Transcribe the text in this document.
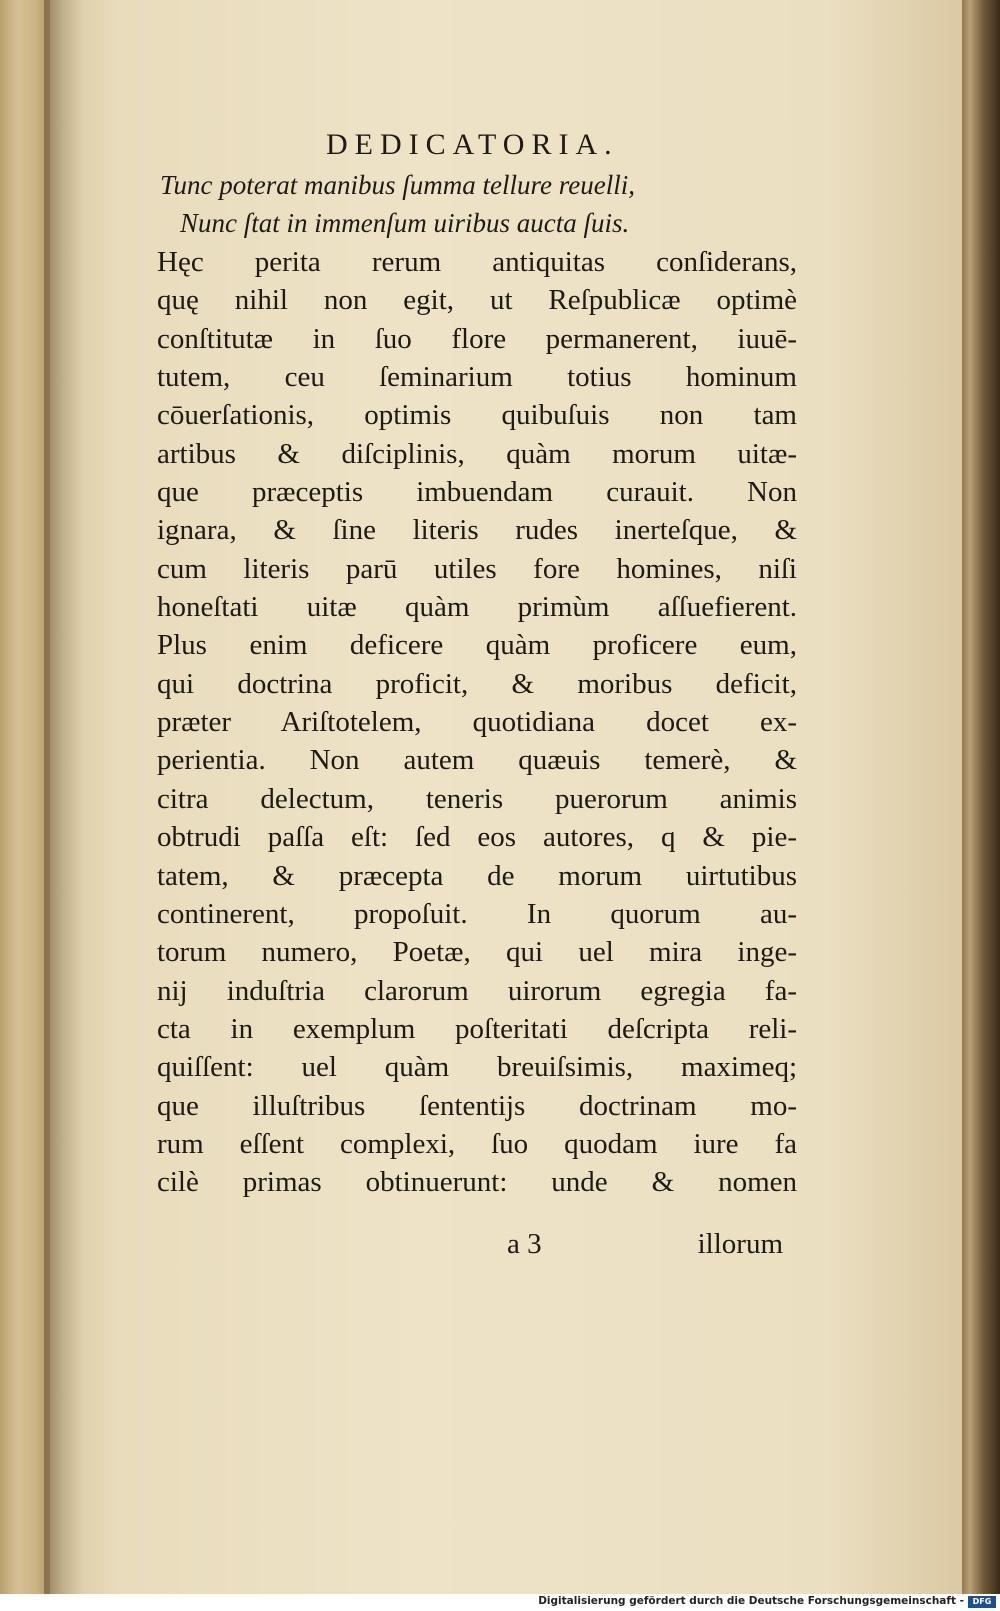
DEDICATORIA.
Tunc poterat manibus ſumma tellure reuelli,
Nunc ſtat in immenſum uiribus aucta ſuis.
Hęc perita rerum antiquitas conſiderans,
quę nihil non egit, ut Reſpublicæ optimè
conſtitutæ in ſuo flore permanerent, iuuē-
tutem, ceu ſeminarium totius hominum
cōuerſationis, optimis quibuſuis non tam
artibus & diſciplinis, quàm morum uitæ-
que præceptis imbuendam curauit. Non
ignara, & ſine literis rudes inerteſque, &
cum literis parū utiles fore homines, niſi
honeſtati uitæ quàm primùm aſſuefierent.
Plus enim deficere quàm proficere eum,
qui doctrina proficit, & moribus deficit,
præter Ariſtotelem, quotidiana docet ex-
perientia. Non autem quæuis temerè, &
citra delectum, teneris puerorum animis
obtrudi paſſa eſt: ſed eos autores, q & pie-
tatem, & præcepta de morum uirtutibus
continerent, propoſuit. In quorum au-
torum numero, Poetæ, qui uel mira inge-
nij induſtria clarorum uirorum egregia fa-
cta in exemplum poſteritati deſcripta reli-
quiſſent: uel quàm breuiſsimis, maximeq;
que illuſtribus ſententijs doctrinam mo-
rum eſſent complexi, ſuo quodam iure fa
cilè primas obtinuerunt: unde & nomen
a 3	illorum
Digitalisierung gefördert durch die Deutsche Forschungsgemeinschaft -	DFG
